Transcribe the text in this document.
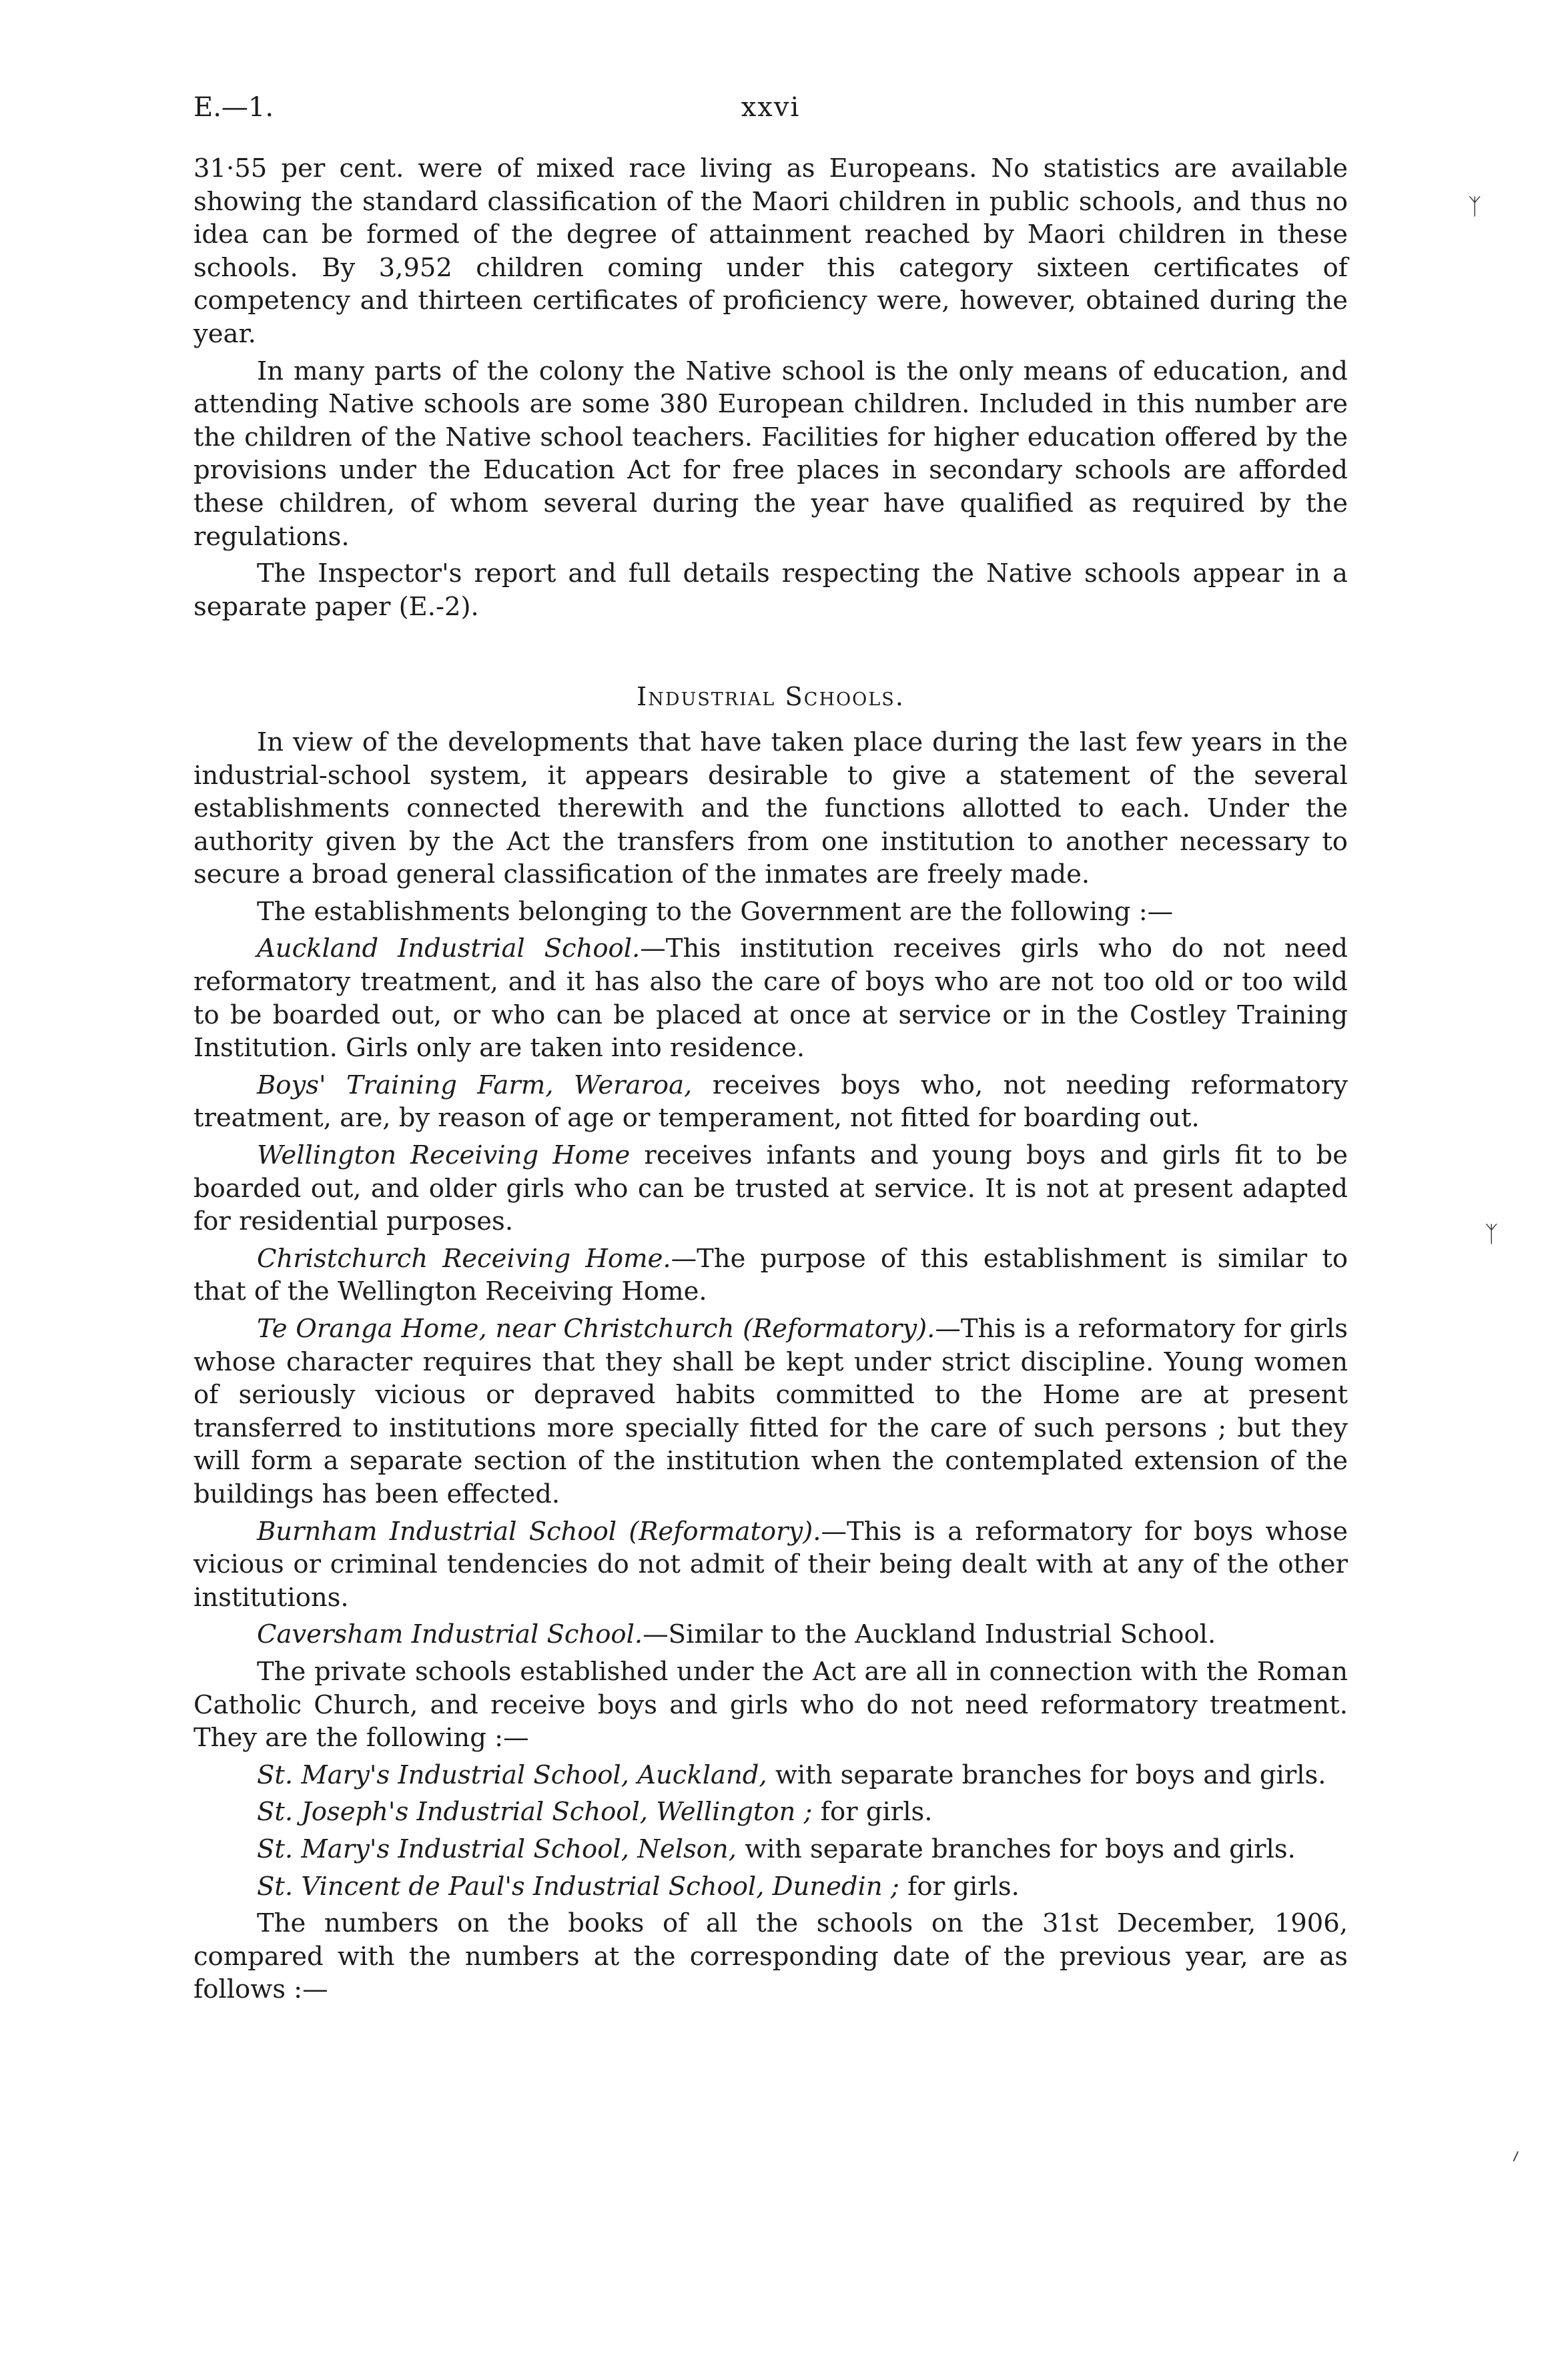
E.—1.	xxvi

31·55 per cent. were of mixed race living as Europeans. No statistics are available showing the standard classification of the Maori children in public schools, and thus no idea can be formed of the degree of attainment reached by Maori children in these schools. By 3,952 children coming under this category sixteen certificates of competency and thirteen certificates of proficiency were, however, obtained during the year.

In many parts of the colony the Native school is the only means of education, and attending Native schools are some 380 European children. Included in this number are the children of the Native school teachers. Facilities for higher education offered by the provisions under the Education Act for free places in secondary schools are afforded these children, of whom several during the year have qualified as required by the regulations.

The Inspector's report and full details respecting the Native schools appear in a separate paper (E.-2).

Industrial Schools.

In view of the developments that have taken place during the last few years in the industrial-school system, it appears desirable to give a statement of the several establishments connected therewith and the functions allotted to each. Under the authority given by the Act the transfers from one institution to another necessary to secure a broad general classification of the inmates are freely made.

The establishments belonging to the Government are the following :—

Auckland Industrial School.—This institution receives girls who do not need reformatory treatment, and it has also the care of boys who are not too old or too wild to be boarded out, or who can be placed at once at service or in the Costley Training Institution. Girls only are taken into residence.

Boys' Training Farm, Weraroa, receives boys who, not needing reformatory treatment, are, by reason of age or temperament, not fitted for boarding out.

Wellington Receiving Home receives infants and young boys and girls fit to be boarded out, and older girls who can be trusted at service. It is not at present adapted for residential purposes.

Christchurch Receiving Home.—The purpose of this establishment is similar to that of the Wellington Receiving Home.

Te Oranga Home, near Christchurch (Reformatory).—This is a reformatory for girls whose character requires that they shall be kept under strict discipline. Young women of seriously vicious or depraved habits committed to the Home are at present transferred to institutions more specially fitted for the care of such persons ; but they will form a separate section of the institution when the contemplated extension of the buildings has been effected.

Burnham Industrial School (Reformatory).—This is a reformatory for boys whose vicious or criminal tendencies do not admit of their being dealt with at any of the other institutions.

Caversham Industrial School.—Similar to the Auckland Industrial School.

The private schools established under the Act are all in connection with the Roman Catholic Church, and receive boys and girls who do not need reformatory treatment. They are the following :—

St. Mary's Industrial School, Auckland, with separate branches for boys and girls.

St. Joseph's Industrial School, Wellington ; for girls.

St. Mary's Industrial School, Nelson, with separate branches for boys and girls.

St. Vincent de Paul's Industrial School, Dunedin ; for girls.

The numbers on the books of all the schools on the 31st December, 1906, compared with the numbers at the corresponding date of the previous year, are as follows :—

ᛉ
ᛉ
⸝
